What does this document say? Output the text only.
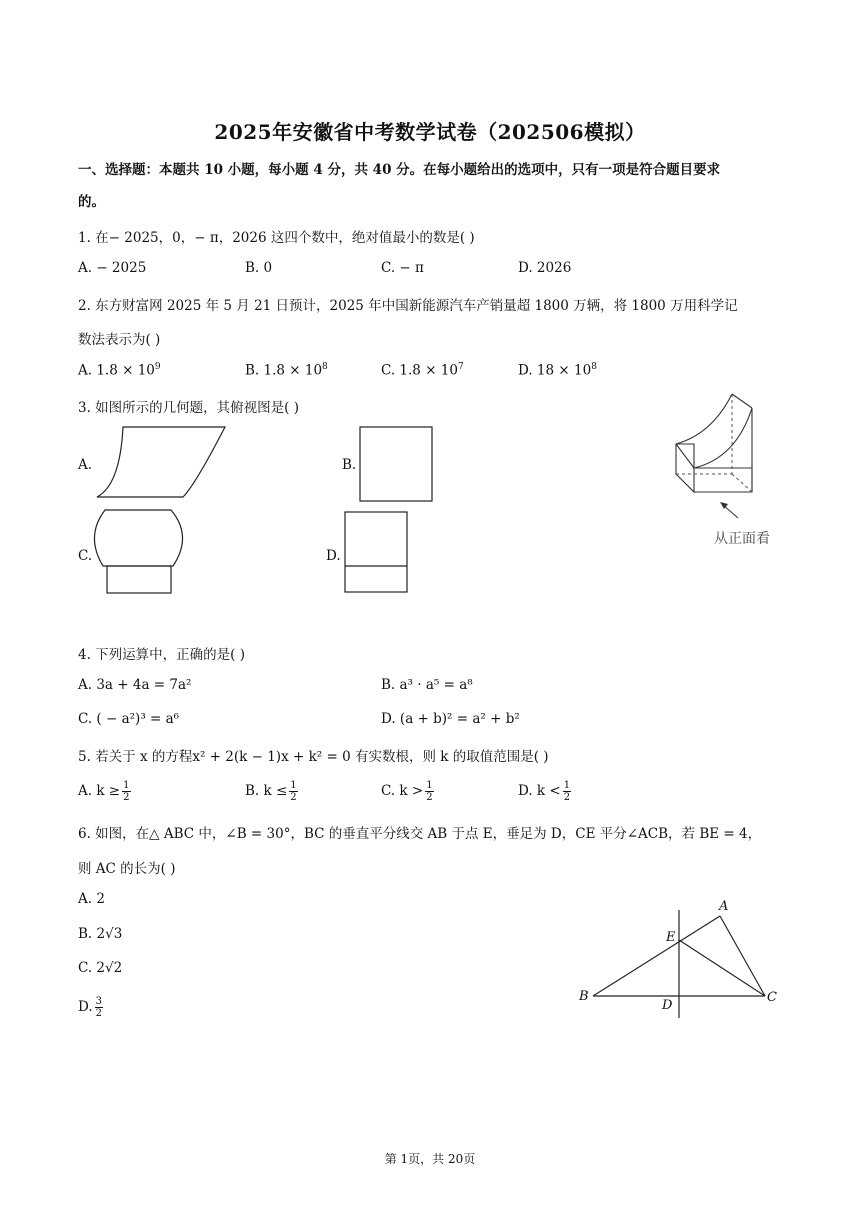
2025年安徽省中考数学试卷（202506模拟）
一、选择题：本题共 10 小题，每小题 4 分，共 40 分。在每小题给出的选项中，只有一项是符合题目要求
的。
1. 在− 2025，0，− π，2026 这四个数中，绝对值最小的数是( )
A. − 2025	B. 0	C. − π	D. 2026
2. 东方财富网 2025 年 5 月 21 日预计，2025 年中国新能源汽车产销量超 1800 万辆，将 1800 万用科学记
数法表示为( )
A. $1.8 \times 10^9$	B. $1.8 \times 10^8$	C. $1.8 \times 10^7$	D. $18 \times 10^8$
3. 如图所示的几何题，其俯视图是( )
A.	B.
C.	D.
从正面看
4. 下列运算中，正确的是( )
A. 3a + 4a = 7a²	B. a³ · a⁵ = a⁸
C. ( − a²)³ = a⁶	D. (a + b)² = a² + b²
5. 若关于 x 的方程x² + 2(k − 1)x + k² = 0 有实数根，则 k 的取值范围是( )
A. $k \ge \frac{1}{2}$	B. $k \le \frac{1}{2}$	C. $k > \frac{1}{2}$	D. $k < \frac{1}{2}$
6. 如图，在△ ABC 中，∠B = 30°，BC 的垂直平分线交 AB 于点 E，垂足为 D，CE 平分∠ACB，若 BE = 4，
则 AC 的长为( )
A. 2
B. 2√3
C. 2√2
D. $\frac{3}{2}$
A
E
B
D
C
第 1页，共 20页
